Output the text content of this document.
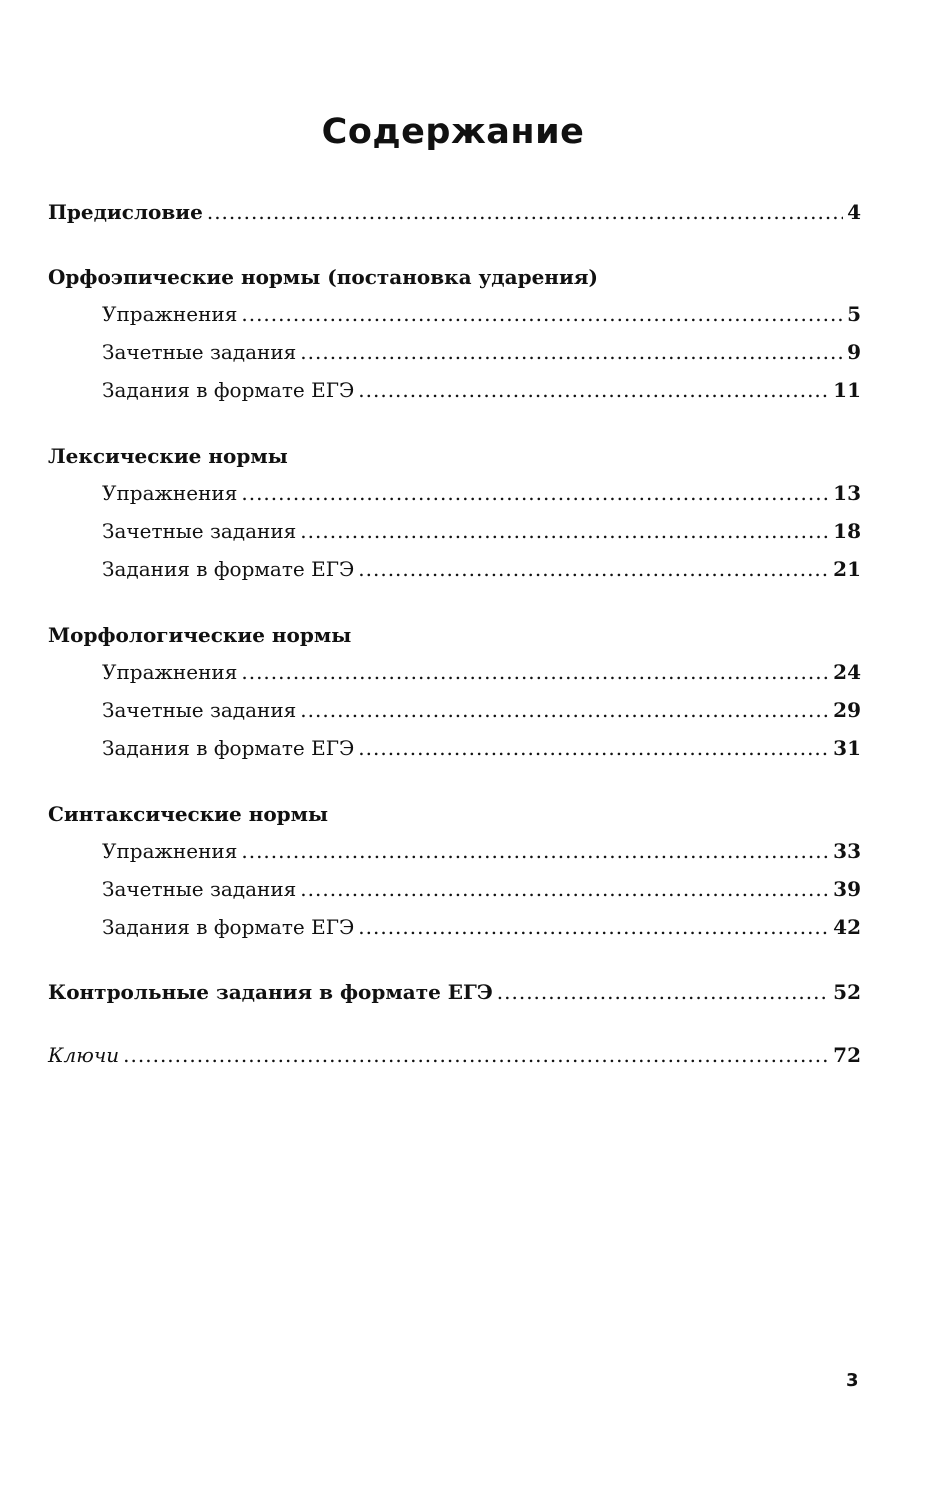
Содержание
Предисловие .....	4
Орфоэпические нормы (постановка ударения)
Упражнения .....	5
Зачетные задания .....	9
Задания в формате ЕГЭ .....	11
Лексические нормы
Упражнения .....	13
Зачетные задания .....	18
Задания в формате ЕГЭ .....	21
Морфологические нормы
Упражнения .....	24
Зачетные задания .....	29
Задания в формате ЕГЭ .....	31
Синтаксические нормы
Упражнения .....	33
Зачетные задания .....	39
Задания в формате ЕГЭ .....	42
Контрольные задания в формате ЕГЭ .....	52
Ключи .....	72
3
